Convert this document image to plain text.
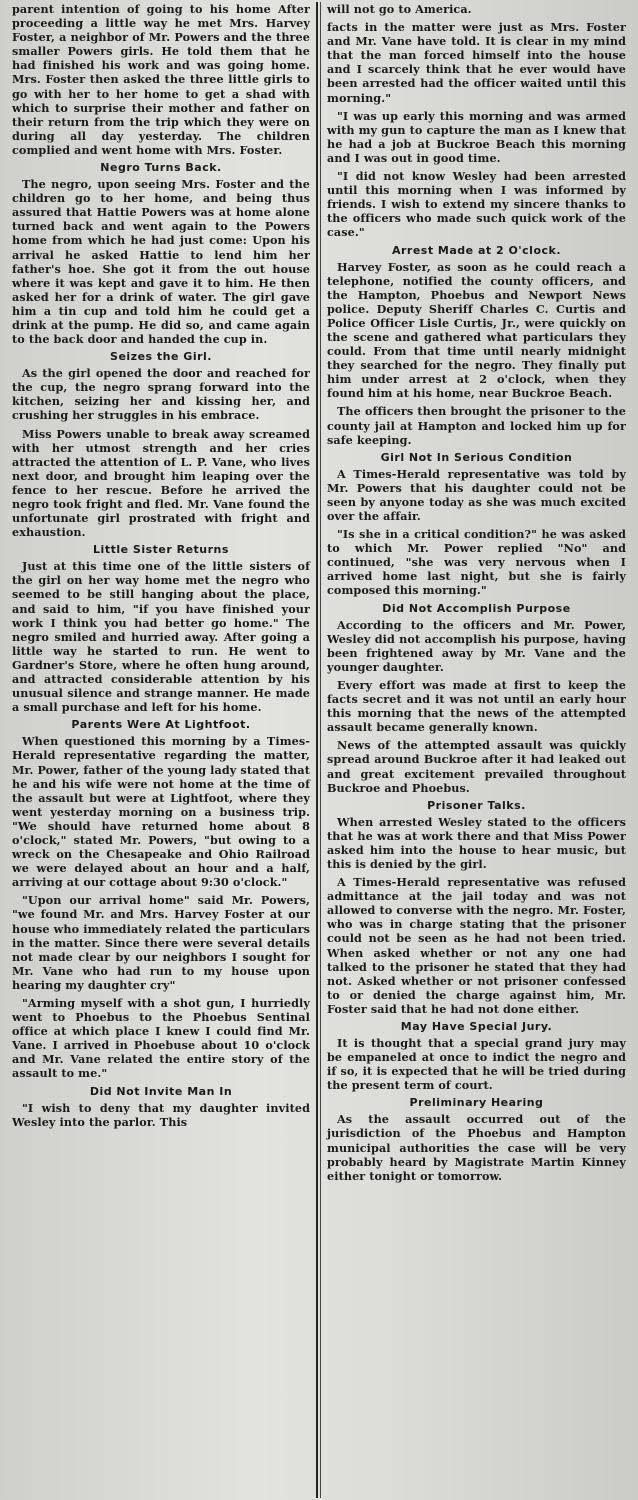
parent intention of going to his home After proceeding a little way he met Mrs. Harvey Foster, a neighbor of Mr. Powers and the three smaller Powers girls. He told them that he had finished his work and was going home. Mrs. Foster then asked the three little girls to go with her to her home to get a shad with which to surprise their mother and father on their return from the trip which they were on during all day yesterday. The children complied and went home with Mrs. Foster.

Negro Turns Back.

The negro, upon seeing Mrs. Foster and the children go to her home, and being thus assured that Hattie Powers was at home alone turned back and went again to the Powers home from which he had just come: Upon his arrival he asked Hattie to lend him her father's hoe. She got it from the out house where it was kept and gave it to him. He then asked her for a drink of water. The girl gave him a tin cup and told him he could get a drink at the pump. He did so, and came again to the back door and handed the cup in.

Seizes the Girl.

As the girl opened the door and reached for the cup, the negro sprang forward into the kitchen, seizing her and kissing her, and crushing her struggles in his embrace.

Miss Powers unable to break away screamed with her utmost strength and her cries attracted the attention of L. P. Vane, who lives next door, and brought him leaping over the fence to her rescue. Before he arrived the negro took fright and fled. Mr. Vane found the unfortunate girl prostrated with fright and exhaustion.

Little Sister Returns

Just at this time one of the little sisters of the girl on her way home met the negro who seemed to be still hanging about the place, and said to him, "if you have finished your work I think you had better go home." The negro smiled and hurried away. After going a little way he started to run. He went to Gardner's Store, where he often hung around, and attracted considerable attention by his unusual silence and strange manner. He made a small purchase and left for his home.

Parents Were At Lightfoot.

When questioned this morning by a Times-Herald representative regarding the matter, Mr. Power, father of the young lady stated that he and his wife were not home at the time of the assault but were at Lightfoot, where they went yesterday morning on a business trip. "We should have returned home about 8 o'clock," stated Mr. Powers, "but owing to a wreck on the Chesapeake and Ohio Railroad we were delayed about an hour and a half, arriving at our cottage about 9:30 o'clock."

"Upon our arrival home" said Mr. Powers, "we found Mr. and Mrs. Harvey Foster at our house who immediately related the particulars in the matter. Since there were several details not made clear by our neighbors I sought for Mr. Vane who had run to my house upon hearing my daughter cry"

"Arming myself with a shot gun, I hurriedly went to Phoebus to the Phoebus Sentinal office at which place I knew I could find Mr. Vane. I arrived in Phoebuse about 10 o'clock and Mr. Vane related the entire story of the assault to me."

Did Not Invite Man In

"I wish to deny that my daughter invited Wesley into the parlor. This

will not go to America.

facts in the matter were just as Mrs. Foster and Mr. Vane have told. It is clear in my mind that the man forced himself into the house and I scarcely think that he ever would have been arrested had the officer waited until this morning."

"I was up early this morning and was armed with my gun to capture the man as I knew that he had a job at Buckroe Beach this morning and I was out in good time.

"I did not know Wesley had been arrested until this morning when I was informed by friends. I wish to extend my sincere thanks to the officers who made such quick work of the case."

Arrest Made at 2 O'clock.

Harvey Foster, as soon as he could reach a telephone, notified the county officers, and the Hampton, Phoebus and Newport News police. Deputy Sheriff Charles C. Curtis and Police Officer Lisle Curtis, Jr., were quickly on the scene and gathered what particulars they could. From that time until nearly midnight they searched for the negro. They finally put him under arrest at 2 o'clock, when they found him at his home, near Buckroe Beach.

The officers then brought the prisoner to the county jail at Hampton and locked him up for safe keeping.

Girl Not In Serious Condition

A Times-Herald representative was told by Mr. Powers that his daughter could not be seen by anyone today as she was much excited over the affair.

"Is she in a critical condition?" he was asked to which Mr. Power replied "No" and continued, "she was very nervous when I arrived home last night, but she is fairly composed this morning."

Did Not Accomplish Purpose

According to the officers and Mr. Power, Wesley did not accomplish his purpose, having been frightened away by Mr. Vane and the younger daughter.

Every effort was made at first to keep the facts secret and it was not until an early hour this morning that the news of the attempted assault became generally known.

News of the attempted assault was quickly spread around Buckroe after it had leaked out and great excitement prevailed throughout Buckroe and Phoebus.

Prisoner Talks.

When arrested Wesley stated to the officers that he was at work there and that Miss Power asked him into the house to hear music, but this is denied by the girl.

A Times-Herald representative was refused admittance at the jail today and was not allowed to converse with the negro. Mr. Foster, who was in charge stating that the prisoner could not be seen as he had not been tried. When asked whether or not any one had talked to the prisoner he stated that they had not. Asked whether or not prisoner confessed to or denied the charge against him, Mr. Foster said that he had not done either.

May Have Special Jury.

It is thought that a special grand jury may be empaneled at once to indict the negro and if so, it is expected that he will be tried during the present term of court.

Preliminary Hearing

As the assault occurred out of the jurisdiction of the Phoebus and Hampton municipal authorities the case will be very probably heard by Magistrate Martin Kinney either tonight or tomorrow.
